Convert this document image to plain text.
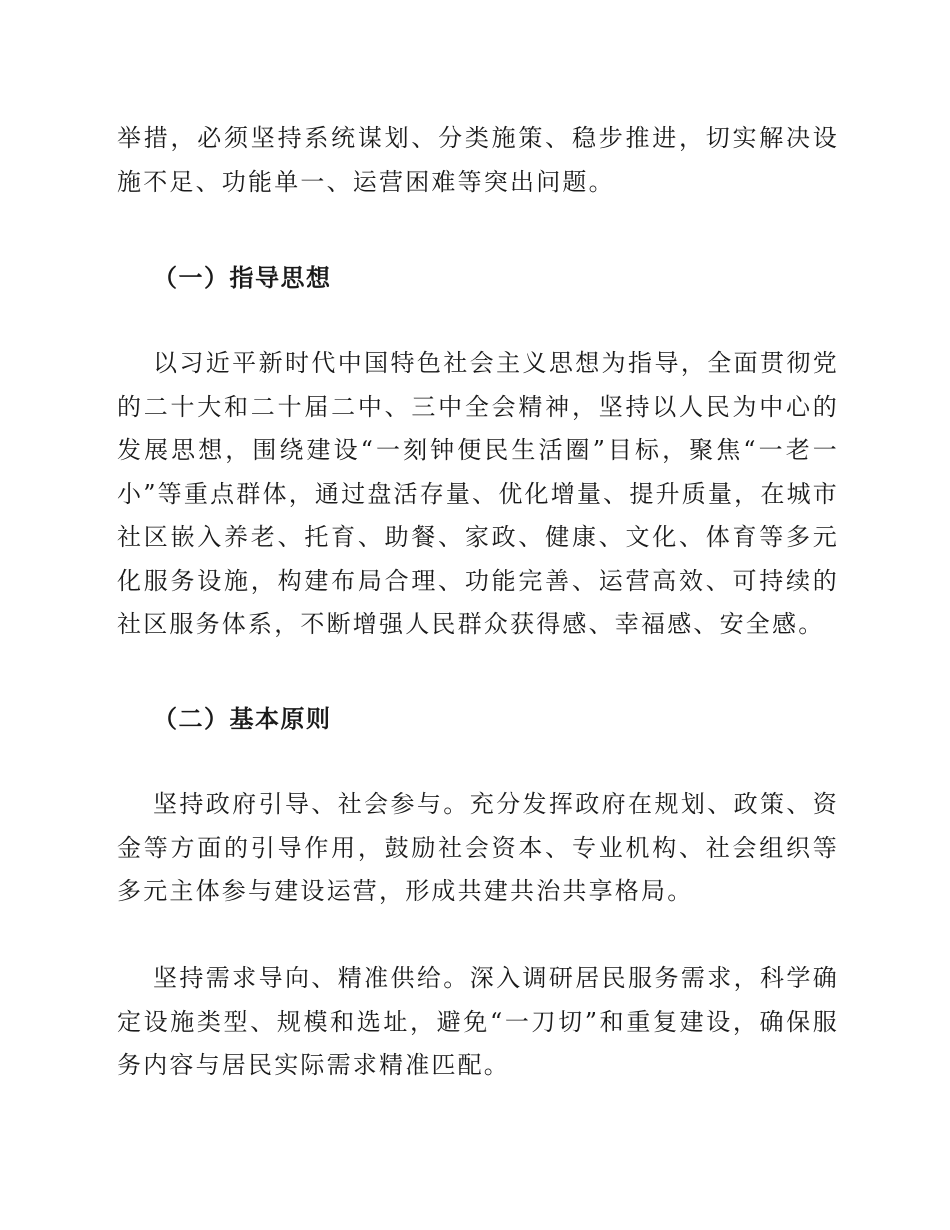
举措，必须坚持系统谋划、分类施策、稳步推进，切实解决设施不足、功能单一、运营困难等突出问题。

（一）指导思想

以习近平新时代中国特色社会主义思想为指导，全面贯彻党的二十大和二十届二中、三中全会精神，坚持以人民为中心的发展思想，围绕建设“一刻钟便民生活圈”目标，聚焦“一老一小”等重点群体，通过盘活存量、优化增量、提升质量，在城市社区嵌入养老、托育、助餐、家政、健康、文化、体育等多元化服务设施，构建布局合理、功能完善、运营高效、可持续的社区服务体系，不断增强人民群众获得感、幸福感、安全感。

（二）基本原则

坚持政府引导、社会参与。充分发挥政府在规划、政策、资金等方面的引导作用，鼓励社会资本、专业机构、社会组织等多元主体参与建设运营，形成共建共治共享格局。

坚持需求导向、精准供给。深入调研居民服务需求，科学确定设施类型、规模和选址，避免“一刀切”和重复建设，确保服务内容与居民实际需求精准匹配。
